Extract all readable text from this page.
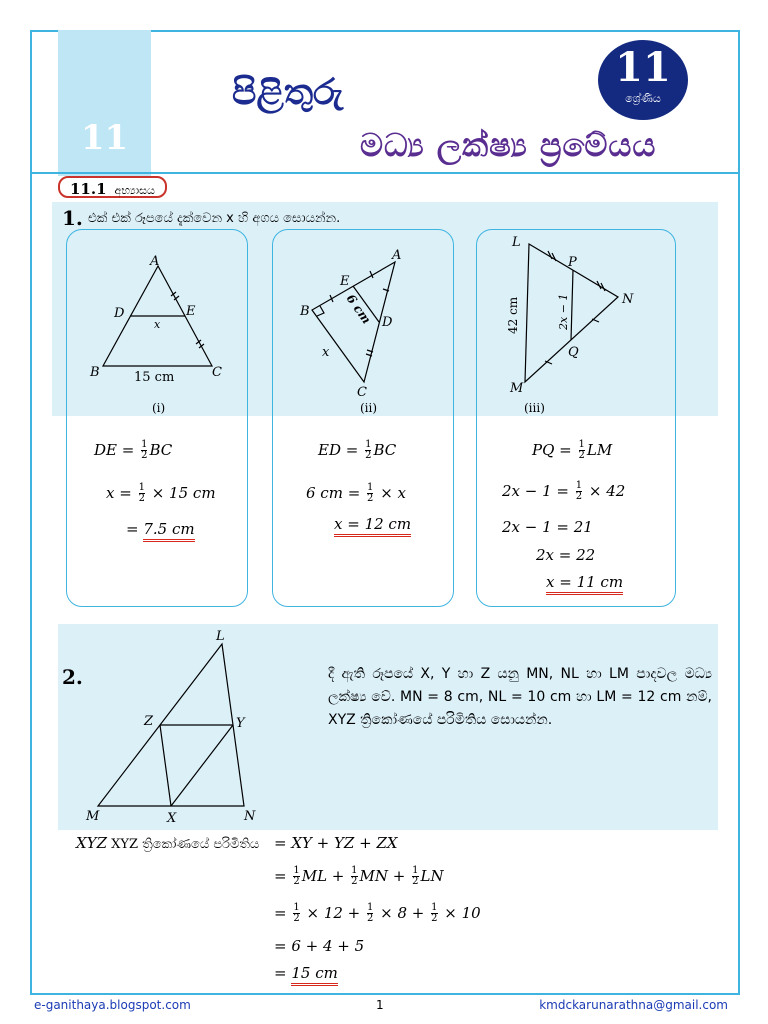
11
පිළිතුරු
මධ්‍ය ලක්ෂ්‍ය ප්‍රමේයය
11
ශ්‍රේණිය
11.1 අභ්‍යාසය
1. එක් එක් රූපයේ දැක්වෙන x හි අගය සොයන්න.
A
D	E
B	C
x
15 cm
A
E
B
D
C
6 cm
x
L
P
N
Q
M
42 cm	2x − 1
(i)	(ii)	(iii)
DE = $\frac{1}{2}$ BC
$x = \frac{1}{2} \times 15$ cm
= 7.5 cm
ED = $\frac{1}{2}$ BC
6 cm = $\frac{1}{2} \times x$
x = 12 cm
PQ = $\frac{1}{2}$ LM
$2x - 1 = \frac{1}{2} \times 42$
2x − 1 = 21
2x = 22
x = 11 cm
2.
L
Z	Y
M	X	N
දී ඇති රූපයේ X, Y හා Z යනු MN, NL හා LM පාදවල මධ්‍ය ලක්ෂ්‍ය වේ. MN = 8 cm, NL = 10 cm හා LM = 12 cm නම්, XYZ ත්‍රිකෝණයේ පරිමිතිය සොයන්න.
XYZ XYZ ත්‍රිකෝණයේ පරිමිතිය = XY + YZ + ZX
= $\frac{1}{2}$ ML + $\frac{1}{2}$ MN + $\frac{1}{2}$ LN
= $\frac{1}{2} \times 12 + \frac{1}{2} \times 8 + \frac{1}{2} \times 10$
= 6 + 4 + 5
= 15 cm
e-ganithaya.blogspot.com	1	kmdckarunarathna@gmail.com
